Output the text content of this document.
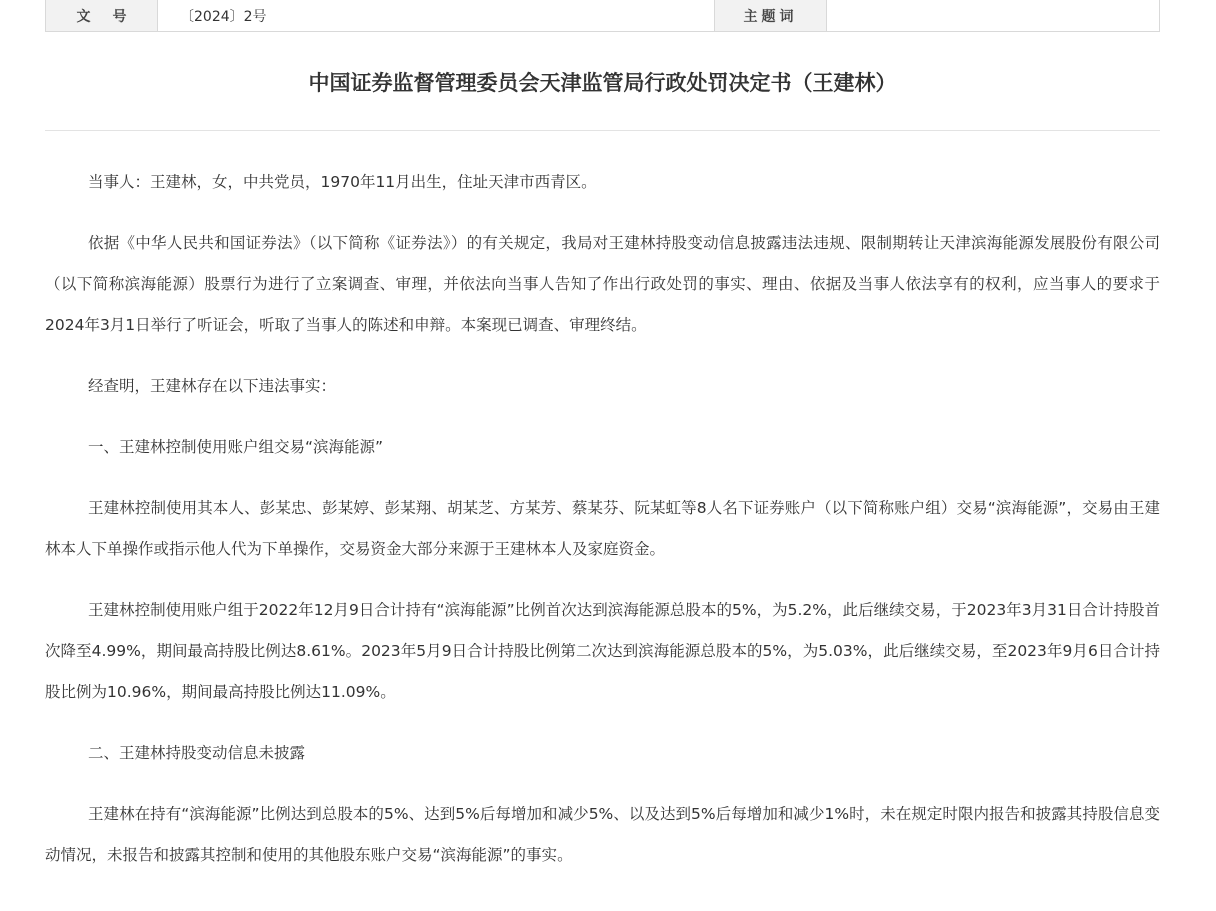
文号	〔2024〕2号	主题词
中国证券监督管理委员会天津监管局行政处罚决定书（王建林）

当事人：王建林，女，中共党员，1970年11月出生，住址天津市西青区。

依据《中华人民共和国证券法》（以下简称《证券法》）的有关规定，我局对王建林持股变动信息披露违法违规、限制期转让天津滨海能源发展股份有限公司（以下简称滨海能源）股票行为进行了立案调查、审理，并依法向当事人告知了作出行政处罚的事实、理由、依据及当事人依法享有的权利，应当事人的要求于2024年3月1日举行了听证会，听取了当事人的陈述和申辩。本案现已调查、审理终结。

经查明，王建林存在以下违法事实：

一、王建林控制使用账户组交易“滨海能源”

王建林控制使用其本人、彭某忠、彭某婷、彭某翔、胡某芝、方某芳、蔡某芬、阮某虹等8人名下证券账户（以下简称账户组）交易“滨海能源”，交易由王建林本人下单操作或指示他人代为下单操作，交易资金大部分来源于王建林本人及家庭资金。

王建林控制使用账户组于2022年12月9日合计持有“滨海能源”比例首次达到滨海能源总股本的5%，为5.2%，此后继续交易，于2023年3月31日合计持股首次降至4.99%，期间最高持股比例达8.61%。2023年5月9日合计持股比例第二次达到滨海能源总股本的5%，为5.03%，此后继续交易，至2023年9月6日合计持股比例为10.96%，期间最高持股比例达11.09%。

二、王建林持股变动信息未披露

王建林在持有“滨海能源”比例达到总股本的5%、达到5%后每增加和减少5%、以及达到5%后每增加和减少1%时，未在规定时限内报告和披露其持股信息变动情况，未报告和披露其控制和使用的其他股东账户交易“滨海能源”的事实。
